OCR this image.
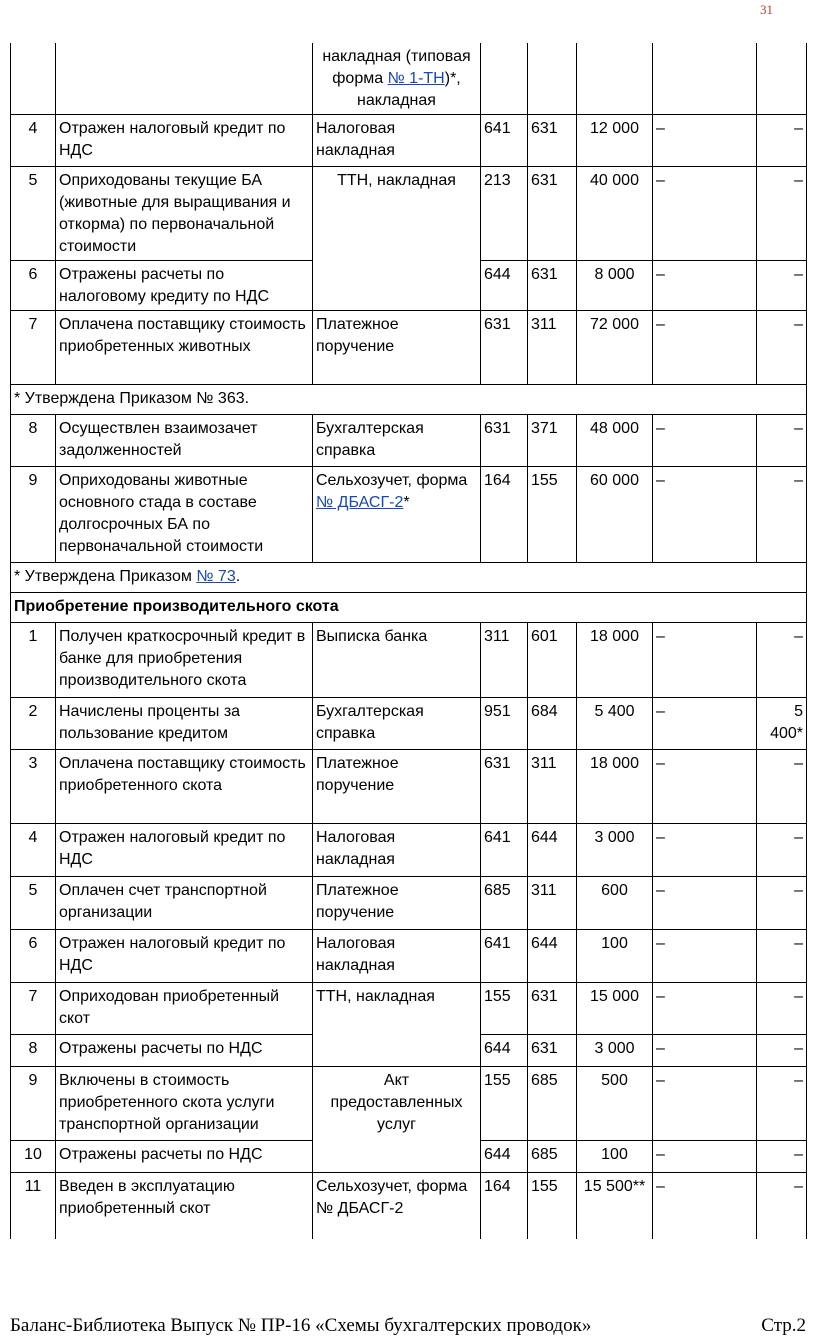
31
		накладная (типовая форма № 1-ТН)*, накладная					
4	Отражен налоговый кредит по НДС	Налоговая накладная	641	631	12 000	–	–
5	Оприходованы текущие БА (животные для выращивания и откорма) по первоначальной стоимости	ТТН, накладная	213	631	40 000	–	–
6	Отражены расчеты по налоговому кредиту по НДС		644	631	8 000	–	–
7	Оплачена поставщику стоимость приобретенных животных	Платежное поручение	631	311	72 000	–	–
* Утверждена Приказом № 363.							
8	Осуществлен взаимозачет задолженностей	Бухгалтерская справка	631	371	48 000	–	–
9	Оприходованы животные основного стада в составе долгосрочных БА по первоначальной стоимости	Сельхозучет, форма № ДБАСГ-2*	164	155	60 000	–	–
* Утверждена Приказом № 73.							
Приобретение производительного скота							
1	Получен краткосрочный кредит в банке для приобретения производительного скота	Выписка банка	311	601	18 000	–	–
2	Начислены проценты за пользование кредитом	Бухгалтерская справка	951	684	5 400	–	5 400*
3	Оплачена поставщику стоимость приобретенного скота	Платежное поручение	631	311	18 000	–	–
4	Отражен налоговый кредит по НДС	Налоговая накладная	641	644	3 000	–	–
5	Оплачен счет транспортной организации	Платежное поручение	685	311	600	–	–
6	Отражен налоговый кредит по НДС	Налоговая накладная	641	644	100	–	–
7	Оприходован приобретенный скот	ТТН, накладная	155	631	15 000	–	–
8	Отражены расчеты по НДС		644	631	3 000	–	–
9	Включены в стоимость приобретенного скота услуги транспортной организации	Акт предоставленных услуг	155	685	500	–	–
10	Отражены расчеты по НДС		644	685	100	–	–
11	Введен в эксплуатацию приобретенный скот	Сельхозучет, форма № ДБАСГ-2	164	155	15 500**	–	–
Баланс-Библиотека Выпуск № ПР-16 «Схемы бухгалтерских проводок»	Стр.2
